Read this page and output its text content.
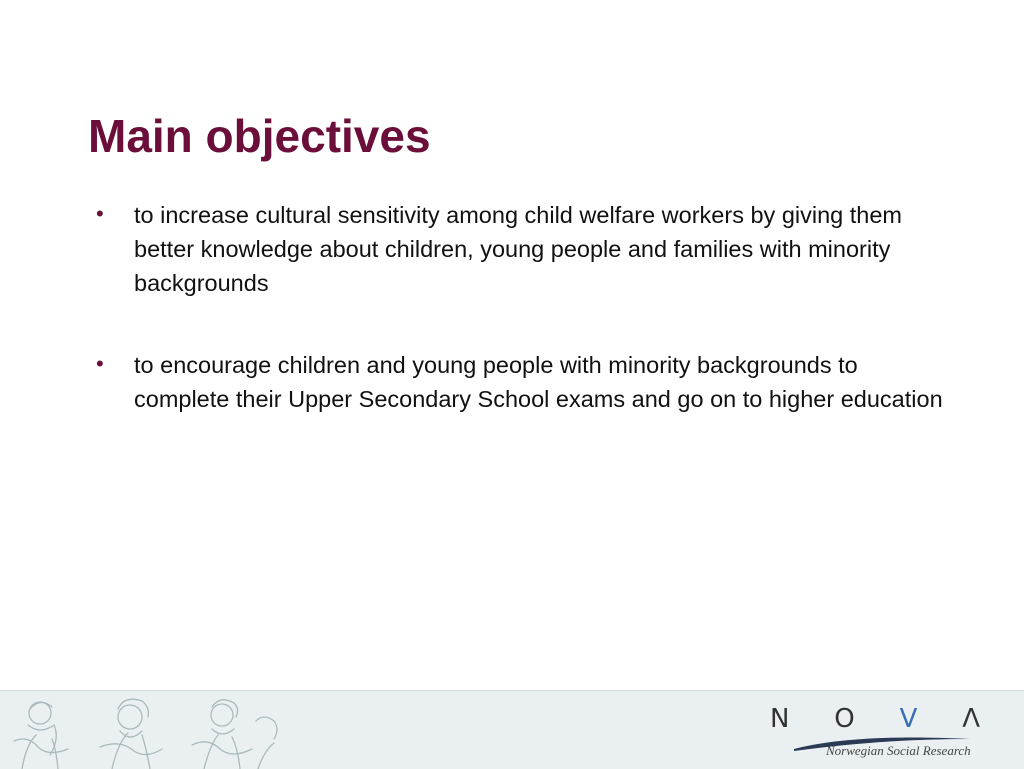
Main objectives
• to increase cultural sensitivity among child welfare workers by giving them better knowledge about children, young people and families with minority backgrounds
• to encourage children and young people with minority backgrounds to complete their Upper Secondary School exams and go on to higher education
N O V Λ
Norwegian Social Research
